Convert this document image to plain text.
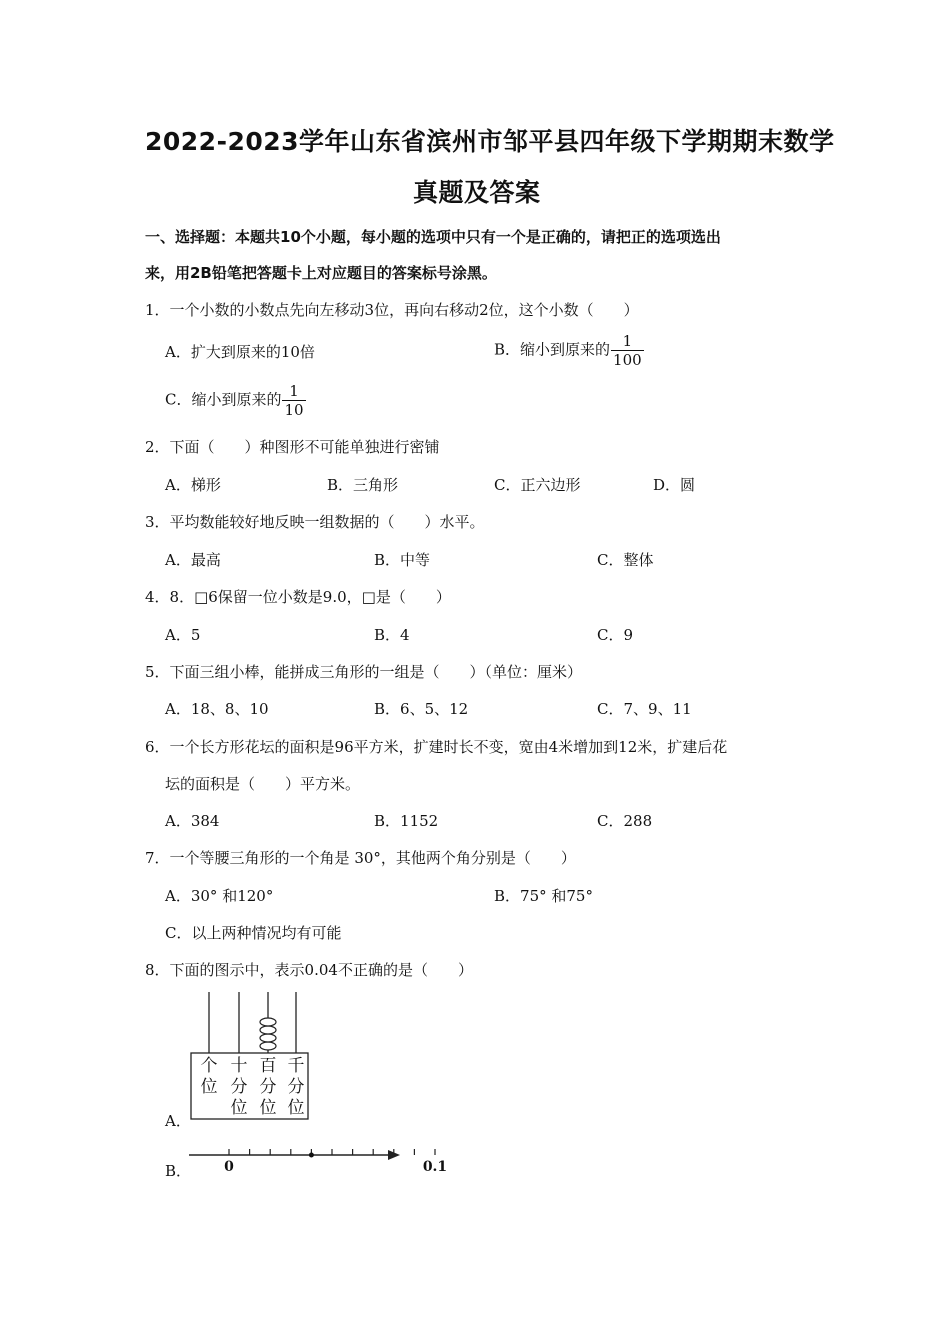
2022-2023学年山东省滨州市邹平县四年级下学期期末数学
真题及答案
一、选择题：本题共10个小题，每小题的选项中只有一个是正确的，请把正的选项选出
来，用2B铅笔把答题卡上对应题目的答案标号涂黑。
1．一个小数的小数点先向左移动3位，再向右移动2位，这个小数（　　）
A．扩大到原来的10倍	B．缩小到原来的 $\frac{1}{100}$
C．缩小到原来的 $\frac{1}{10}$
2．下面（　　）种图形不可能单独进行密铺
A．梯形	B．三角形	C．正六边形	D．圆
3．平均数能较好地反映一组数据的（　　）水平。
A．最高	B．中等	C．整体
4．8．□6保留一位小数是9.0，□是（　　）
A．5	B．4	C．9
5．下面三组小棒，能拼成三角形的一组是（　　）（单位：厘米）
A．18、8、10	B．6、5、12	C．7、9、11
6．一个长方形花坛的面积是96平方米，扩建时长不变，宽由4米增加到12米，扩建后花
坛的面积是（　　）平方米。
A．384	B．1152	C．288
7．一个等腰三角形的一个角是 30°，其他两个角分别是（　　）
A．30° 和120°	B．75° 和75°
C．以上两种情况均有可能
8．下面的图示中，表示0.04不正确的是（　　）
A．
B．
个
位
十
分
位
百
分
位
千
分
位
0	0.1
